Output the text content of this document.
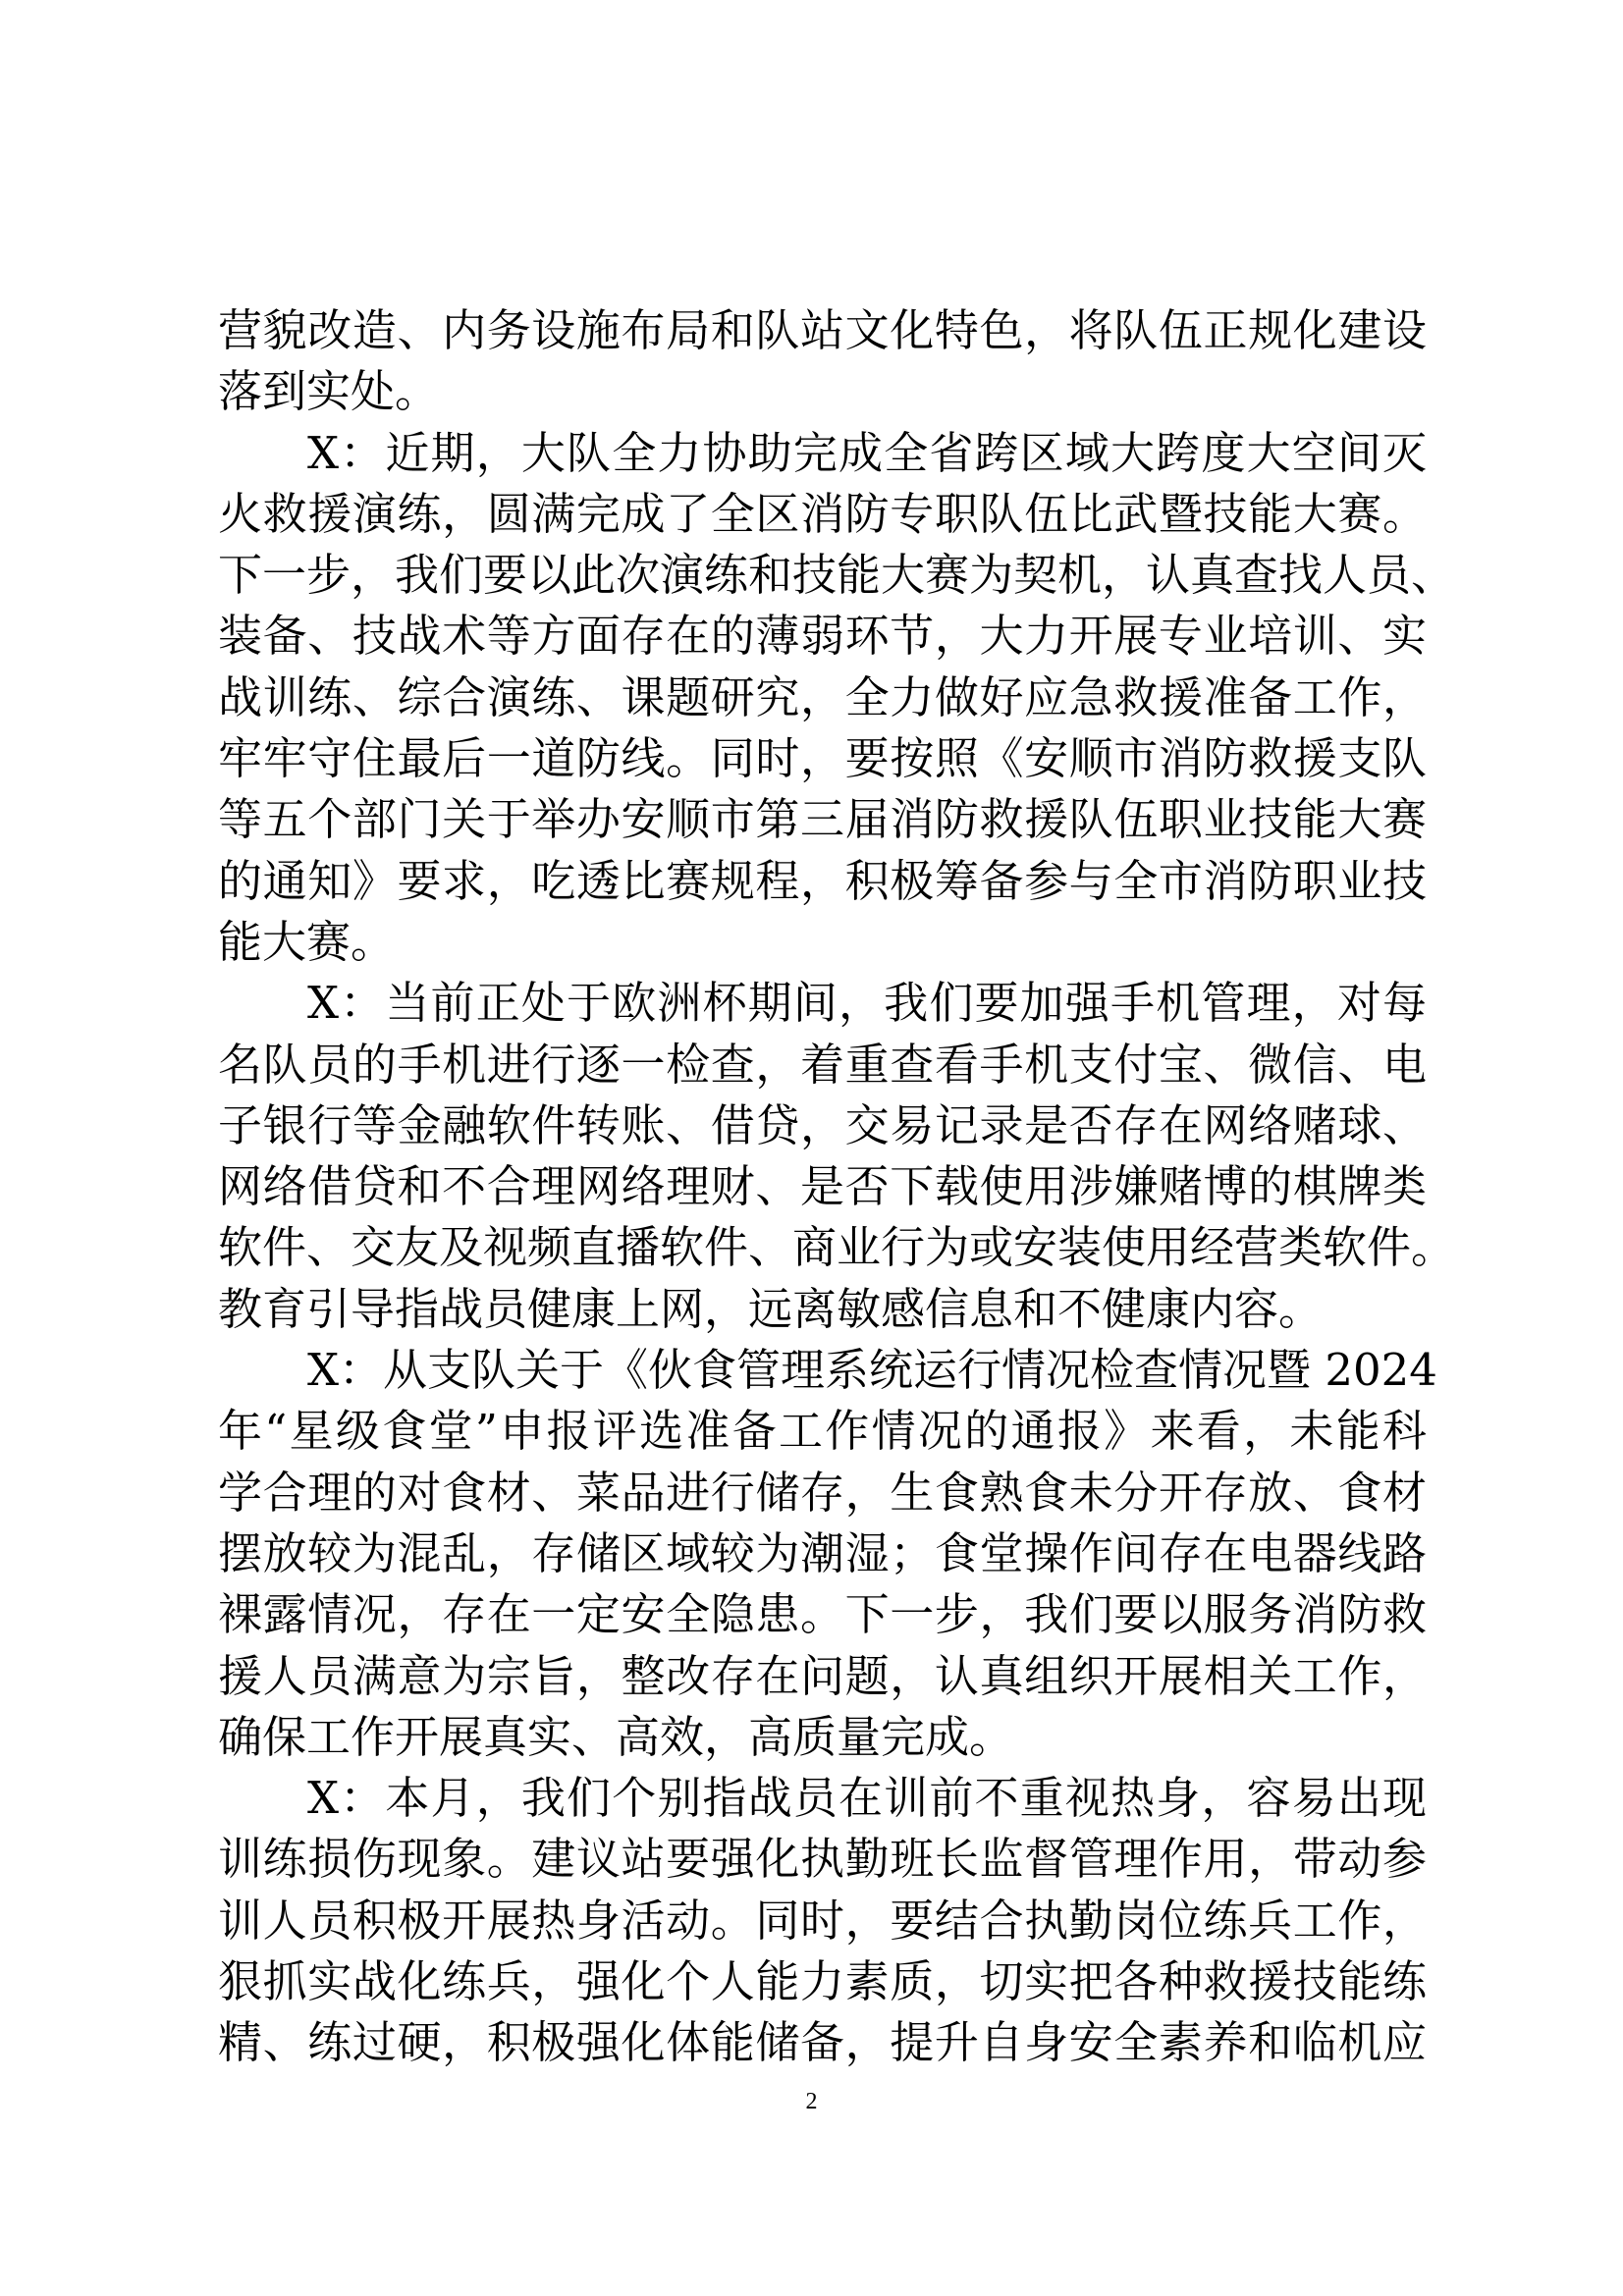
营貌改造、内务设施布局和队站文化特色，将队伍正规化建设
落到实处。
X：近期，大队全力协助完成全省跨区域大跨度大空间灭
火救援演练，圆满完成了全区消防专职队伍比武暨技能大赛。
下一步，我们要以此次演练和技能大赛为契机，认真查找人员、
装备、技战术等方面存在的薄弱环节，大力开展专业培训、实
战训练、综合演练、课题研究，全力做好应急救援准备工作，
牢牢守住最后一道防线。同时，要按照《安顺市消防救援支队
等五个部门关于举办安顺市第三届消防救援队伍职业技能大赛
的通知》要求，吃透比赛规程，积极筹备参与全市消防职业技
能大赛。
X：当前正处于欧洲杯期间，我们要加强手机管理，对每
名队员的手机进行逐一检查，着重查看手机支付宝、微信、电
子银行等金融软件转账、借贷，交易记录是否存在网络赌球、
网络借贷和不合理网络理财、是否下载使用涉嫌赌博的棋牌类
软件、交友及视频直播软件、商业行为或安装使用经营类软件。
教育引导指战员健康上网，远离敏感信息和不健康内容。
X：从支队关于《伙食管理系统运行情况检查情况暨 2024
年“星级食堂”申报评选准备工作情况的通报》来看，未能科
学合理的对食材、菜品进行储存，生食熟食未分开存放、食材
摆放较为混乱，存储区域较为潮湿；食堂操作间存在电器线路
裸露情况，存在一定安全隐患。下一步，我们要以服务消防救
援人员满意为宗旨，整改存在问题，认真组织开展相关工作，
确保工作开展真实、高效，高质量完成。
X：本月，我们个别指战员在训前不重视热身，容易出现
训练损伤现象。建议站要强化执勤班长监督管理作用，带动参
训人员积极开展热身活动。同时，要结合执勤岗位练兵工作，
狠抓实战化练兵，强化个人能力素质，切实把各种救援技能练
精、练过硬，积极强化体能储备，提升自身安全素养和临机应
2
